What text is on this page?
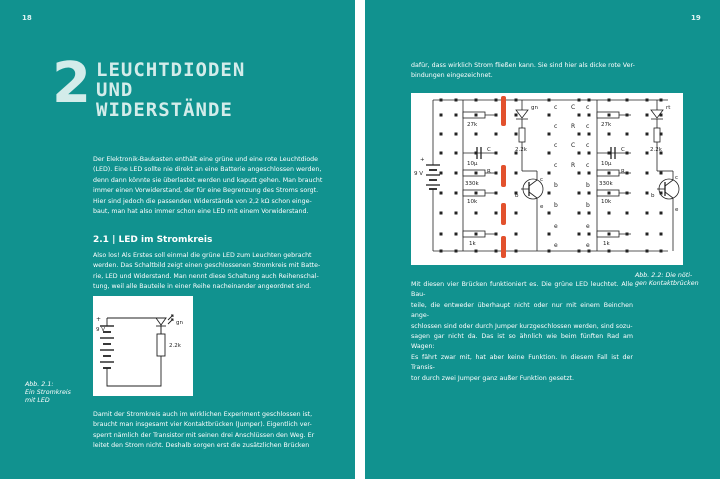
18
2 LEUCHTDIODEN
UND
WIDERSTÄNDE
Der Elektronik-Baukasten enthält eine grüne und eine rote Leuchtdiode
(LED). Eine LED sollte nie direkt an eine Batterie angeschlossen werden,
denn dann könnte sie überlastet werden und kaputt gehen. Man braucht
immer einen Vorwiderstand, der für eine Begrenzung des Stroms sorgt.
Hier sind jedoch die passenden Widerstände von 2,2 kΩ schon einge-
baut, man hat also immer schon eine LED mit einem Vorwiderstand.
2.1 | LED im Stromkreis
Also los! Als Erstes soll einmal die grüne LED zum Leuchten gebracht
werden. Das Schaltbild zeigt einen geschlossenen Stromkreis mit Batte-
rie, LED und Widerstand. Man nennt diese Schaltung auch Reihenschal-
tung, weil alle Bauteile in einer Reihe nacheinander angeordnet sind.
+
9 V
gn
2.2k
Abb. 2.1:
Ein Stromkreis
mit LED
Damit der Stromkreis auch im wirklichen Experiment geschlossen ist,
braucht man insgesamt vier Kontaktbrücken (Jumper). Eigentlich ver-
sperrt nämlich der Transistor mit seinen drei Anschlüssen den Weg. Er
leitet den Strom nicht. Deshalb sorgen erst die zusätzlichen Brücken
19
dafür, dass wirklich Strom fließen kann. Sie sind hier als dicke rote Ver-
bindungen eingezeichnet.
+
9 V
27k
C
10µ
R
330k
10k
1k
gn
2.2k
c
b
e
27k
C
10µ
R
330k
10k
1k
rt
2.2k
c
b
e
c
c
c
c
b
b
e
e
C
R
C
R
c
c
c
c
b
b
e
e
Abb. 2.2: Die nöti-
gen Kontaktbrücken
Mit diesen vier Brücken funktioniert es. Die grüne LED leuchtet. Alle Bau-
teile, die entweder überhaupt nicht oder nur mit einem Beinchen ange-
schlossen sind oder durch Jumper kurzgeschlossen werden, sind sozu-
sagen gar nicht da. Das ist so ähnlich wie beim fünften Rad am Wagen:
Es fährt zwar mit, hat aber keine Funktion. In diesem Fall ist der Transis-
tor durch zwei Jumper ganz außer Funktion gesetzt.
